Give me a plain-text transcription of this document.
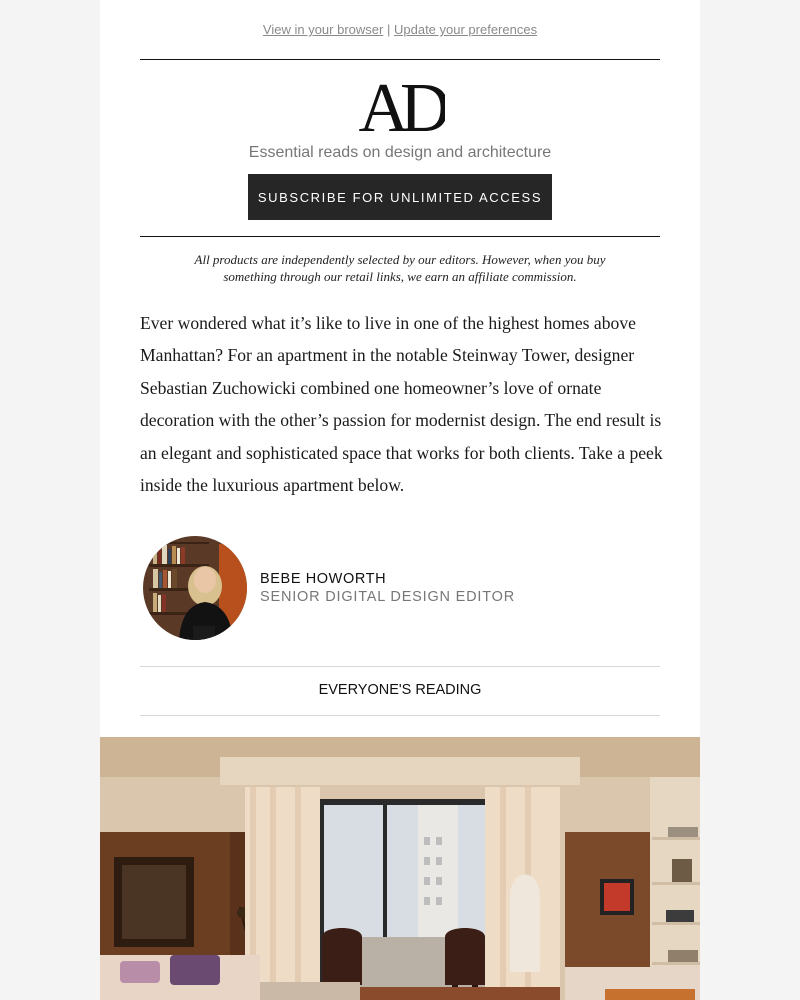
View in your browser | Update your preferences
AD
Essential reads on design and architecture
SUBSCRIBE FOR UNLIMITED ACCESS
All products are independently selected by our editors. However, when you buy
something through our retail links, we earn an affiliate commission.

Ever wondered what it’s like to live in one of the highest homes above Manhattan? For an apartment in the notable Steinway Tower, designer Sebastian Zuchowicki combined one homeowner’s love of ornate decoration with the other’s passion for modernist design. The end result is an elegant and sophisticated space that works for both clients. Take a peek inside the luxurious apartment below.

BEBE HOWORTH
SENIOR DIGITAL DESIGN EDITOR
EVERYONE'S READING
